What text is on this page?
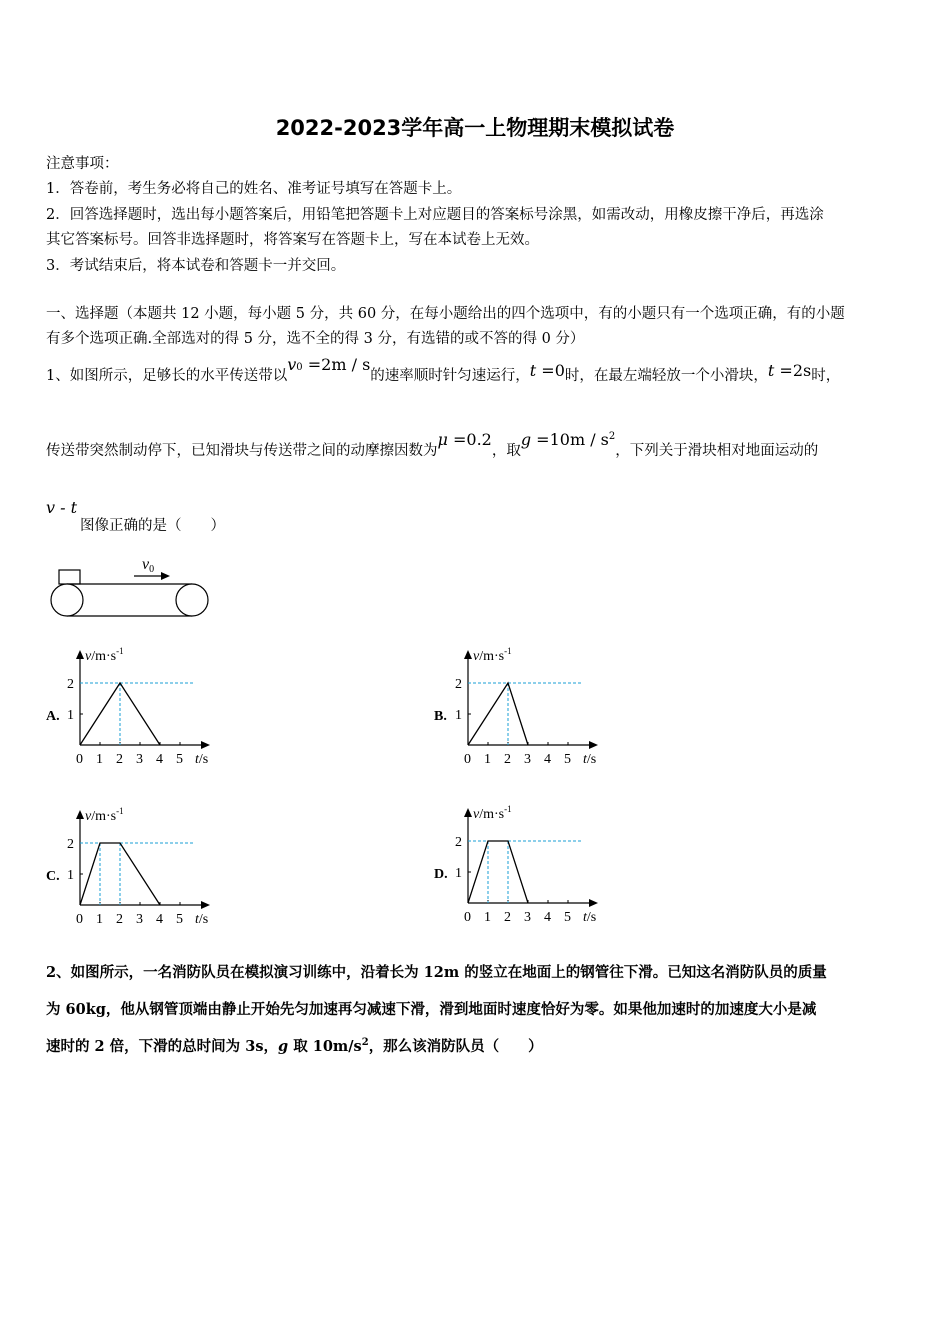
2022-2023学年高一上物理期末模拟试卷
注意事项：
1．答卷前，考生务必将自己的姓名、准考证号填写在答题卡上。
2．回答选择题时，选出每小题答案后，用铅笔把答题卡上对应题目的答案标号涂黑，如需改动，用橡皮擦干净后，再选涂
其它答案标号。回答非选择题时，将答案写在答题卡上，写在本试卷上无效。
3．考试结束后，将本试卷和答题卡一并交回。
一、选择题（本题共 12 小题，每小题 5 分，共 60 分，在每小题给出的四个选项中，有的小题只有一个选项正确，有的小题
有多个选项正确.全部选对的得 5 分，选不全的得 3 分，有选错的或不答的得 0 分）
1、如图所示，足够长的水平传送带以v0 =2m / s的速率顺时针匀速运行，t =0时，在最左端轻放一个小滑块，t =2s时，
传送带突然制动停下，已知滑块与传送带之间的动摩擦因数为μ =0.2，取$g =10m / s^2$，下列关于滑块相对地面运动的
v - t
图像正确的是（　　）
v0
$v/m\cdot s^{-1}$
t/s
0 1 2 3 4 5
1
2
A.
$v/m\cdot s^{-1}$
t/s
0 1 2 3 4 5
1
2
B.
$v/m\cdot s^{-1}$
t/s
0 1 2 3 4 5
1
2
C.
$v/m\cdot s^{-1}$
t/s
0 1 2 3 4 5
1
2
D.
2、如图所示，一名消防队员在模拟演习训练中，沿着长为 12m 的竖立在地面上的钢管往下滑。已知这名消防队员的质量
为 60kg，他从钢管顶端由静止开始先匀加速再匀减速下滑，滑到地面时速度恰好为零。如果他加速时的加速度大小是减
速时的 2 倍，下滑的总时间为 3s，g 取 $10m/s^2$，那么该消防队员（　　）
